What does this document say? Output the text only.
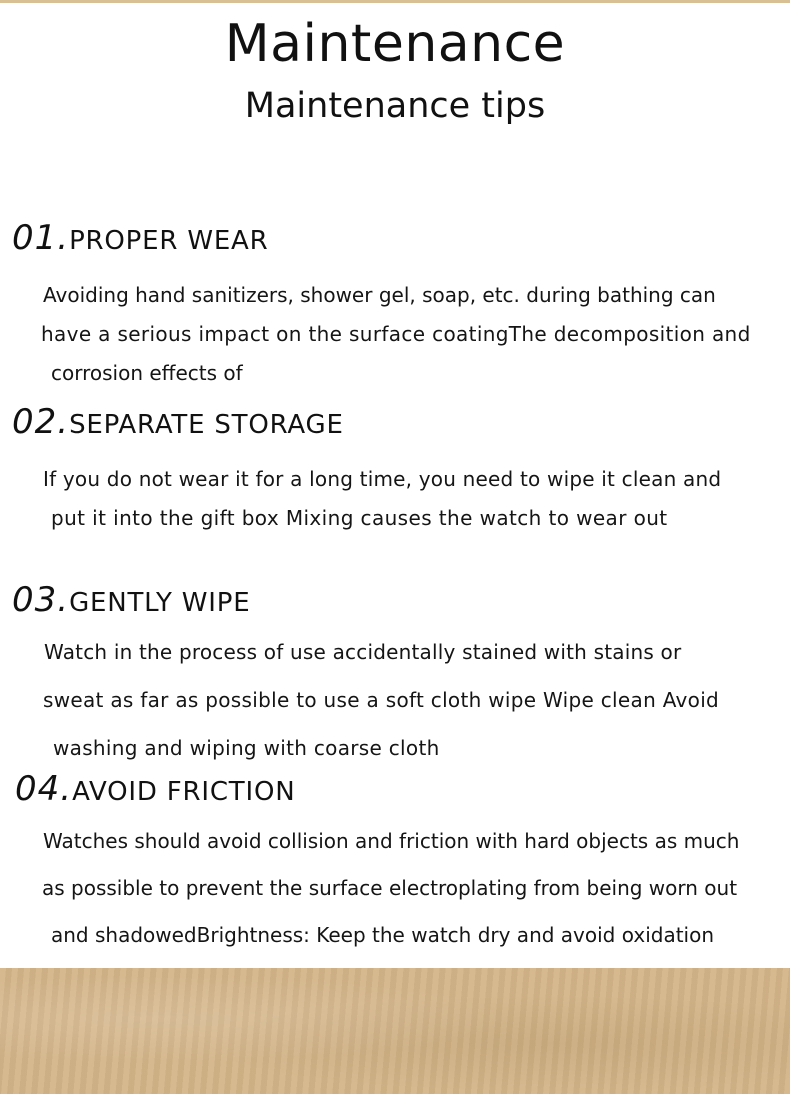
Maintenance
Maintenance tips
01.PROPER WEAR
Avoiding hand sanitizers, shower gel, soap, etc. during bathing can
have a serious impact on the surface coatingThe decomposition and
corrosion effects of
02.SEPARATE STORAGE
If you do not wear it for a long time, you need to wipe it clean and
put it into the gift box Mixing causes the watch to wear out
03.GENTLY WIPE
Watch in the process of use accidentally stained with stains or
sweat as far as possible to use a soft cloth wipe Wipe clean Avoid
washing and wiping with coarse cloth
04.AVOID FRICTION
Watches should avoid collision and friction with hard objects as much
as possible to prevent the surface electroplating from being worn out
and shadowedBrightness: Keep the watch dry and avoid oxidation
